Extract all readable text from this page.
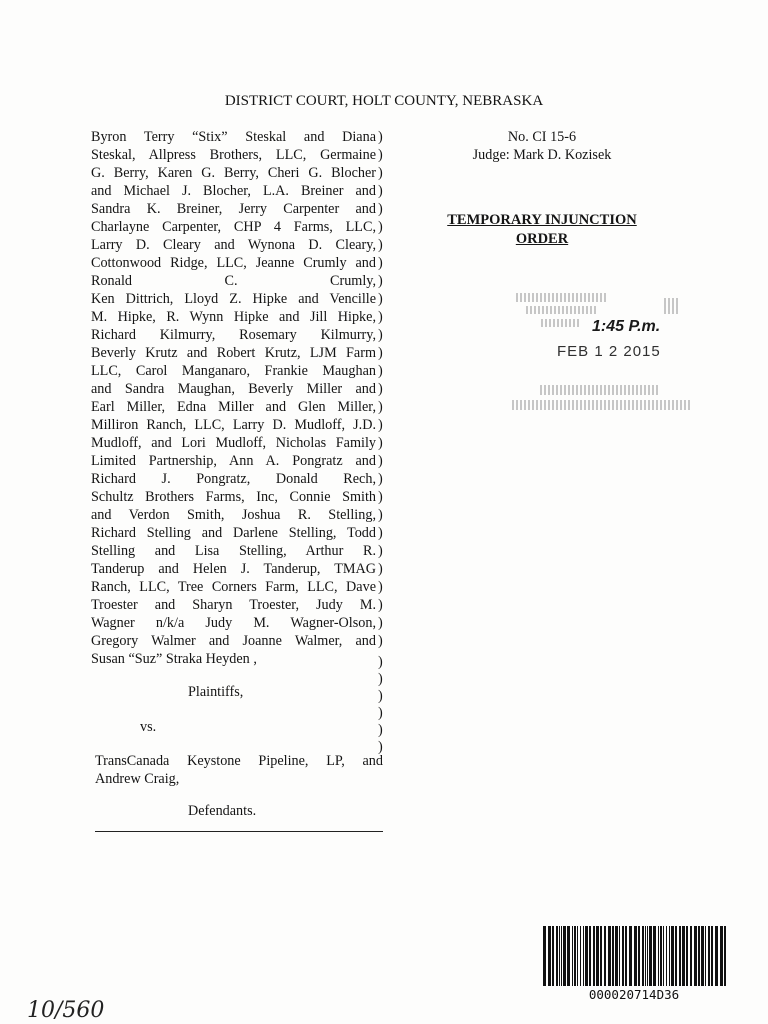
DISTRICT COURT, HOLT COUNTY, NEBRASKA
Byron Terry “Stix” Steskal and Diana )
Steskal, Allpress Brothers, LLC, Germaine )
G. Berry, Karen G. Berry, Cheri G. Blocher )
and Michael J. Blocher, L.A. Breiner and )
Sandra K. Breiner, Jerry Carpenter and )
Charlayne Carpenter, CHP 4 Farms, LLC, )
Larry D. Cleary and Wynona D. Cleary, )
Cottonwood Ridge, LLC, Jeanne Crumly and )
Ronald C. Crumly, )
Ken Dittrich, Lloyd Z. Hipke and Vencille )
M. Hipke, R. Wynn Hipke and Jill Hipke, )
Richard Kilmurry, Rosemary Kilmurry, )
Beverly Krutz and Robert Krutz, LJM Farm )
LLC, Carol Manganaro, Frankie Maughan )
and Sandra Maughan, Beverly Miller and )
Earl Miller, Edna Miller and Glen Miller, )
Milliron Ranch, LLC, Larry D. Mudloff, J.D. )
Mudloff, and Lori Mudloff, Nicholas Family )
Limited Partnership, Ann A. Pongratz and )
Richard J. Pongratz, Donald Rech, )
Schultz Brothers Farms, Inc, Connie Smith )
and Verdon Smith, Joshua R. Stelling, )
Richard Stelling and Darlene Stelling, Todd )
Stelling and Lisa Stelling, Arthur R. )
Tanderup and Helen J. Tanderup, TMAG )
Ranch, LLC, Tree Corners Farm, LLC, Dave )
Troester and Sharyn Troester, Judy M. )
Wagner n/k/a Judy M. Wagner-Olson, )
Gregory Walmer and Joanne Walmer, and )
Susan “Suz” Straka Heyden ,	)
)
)
)
)
)
Plaintiffs,
vs.
TransCanada Keystone Pipeline, LP, and
Andrew Craig,
Defendants.
No. CI 15-6
Judge: Mark D. Kozisek
TEMPORARY INJUNCTION
ORDER
1:45 P.m.
FEB 1 2 2015
000020714D36
10/560
